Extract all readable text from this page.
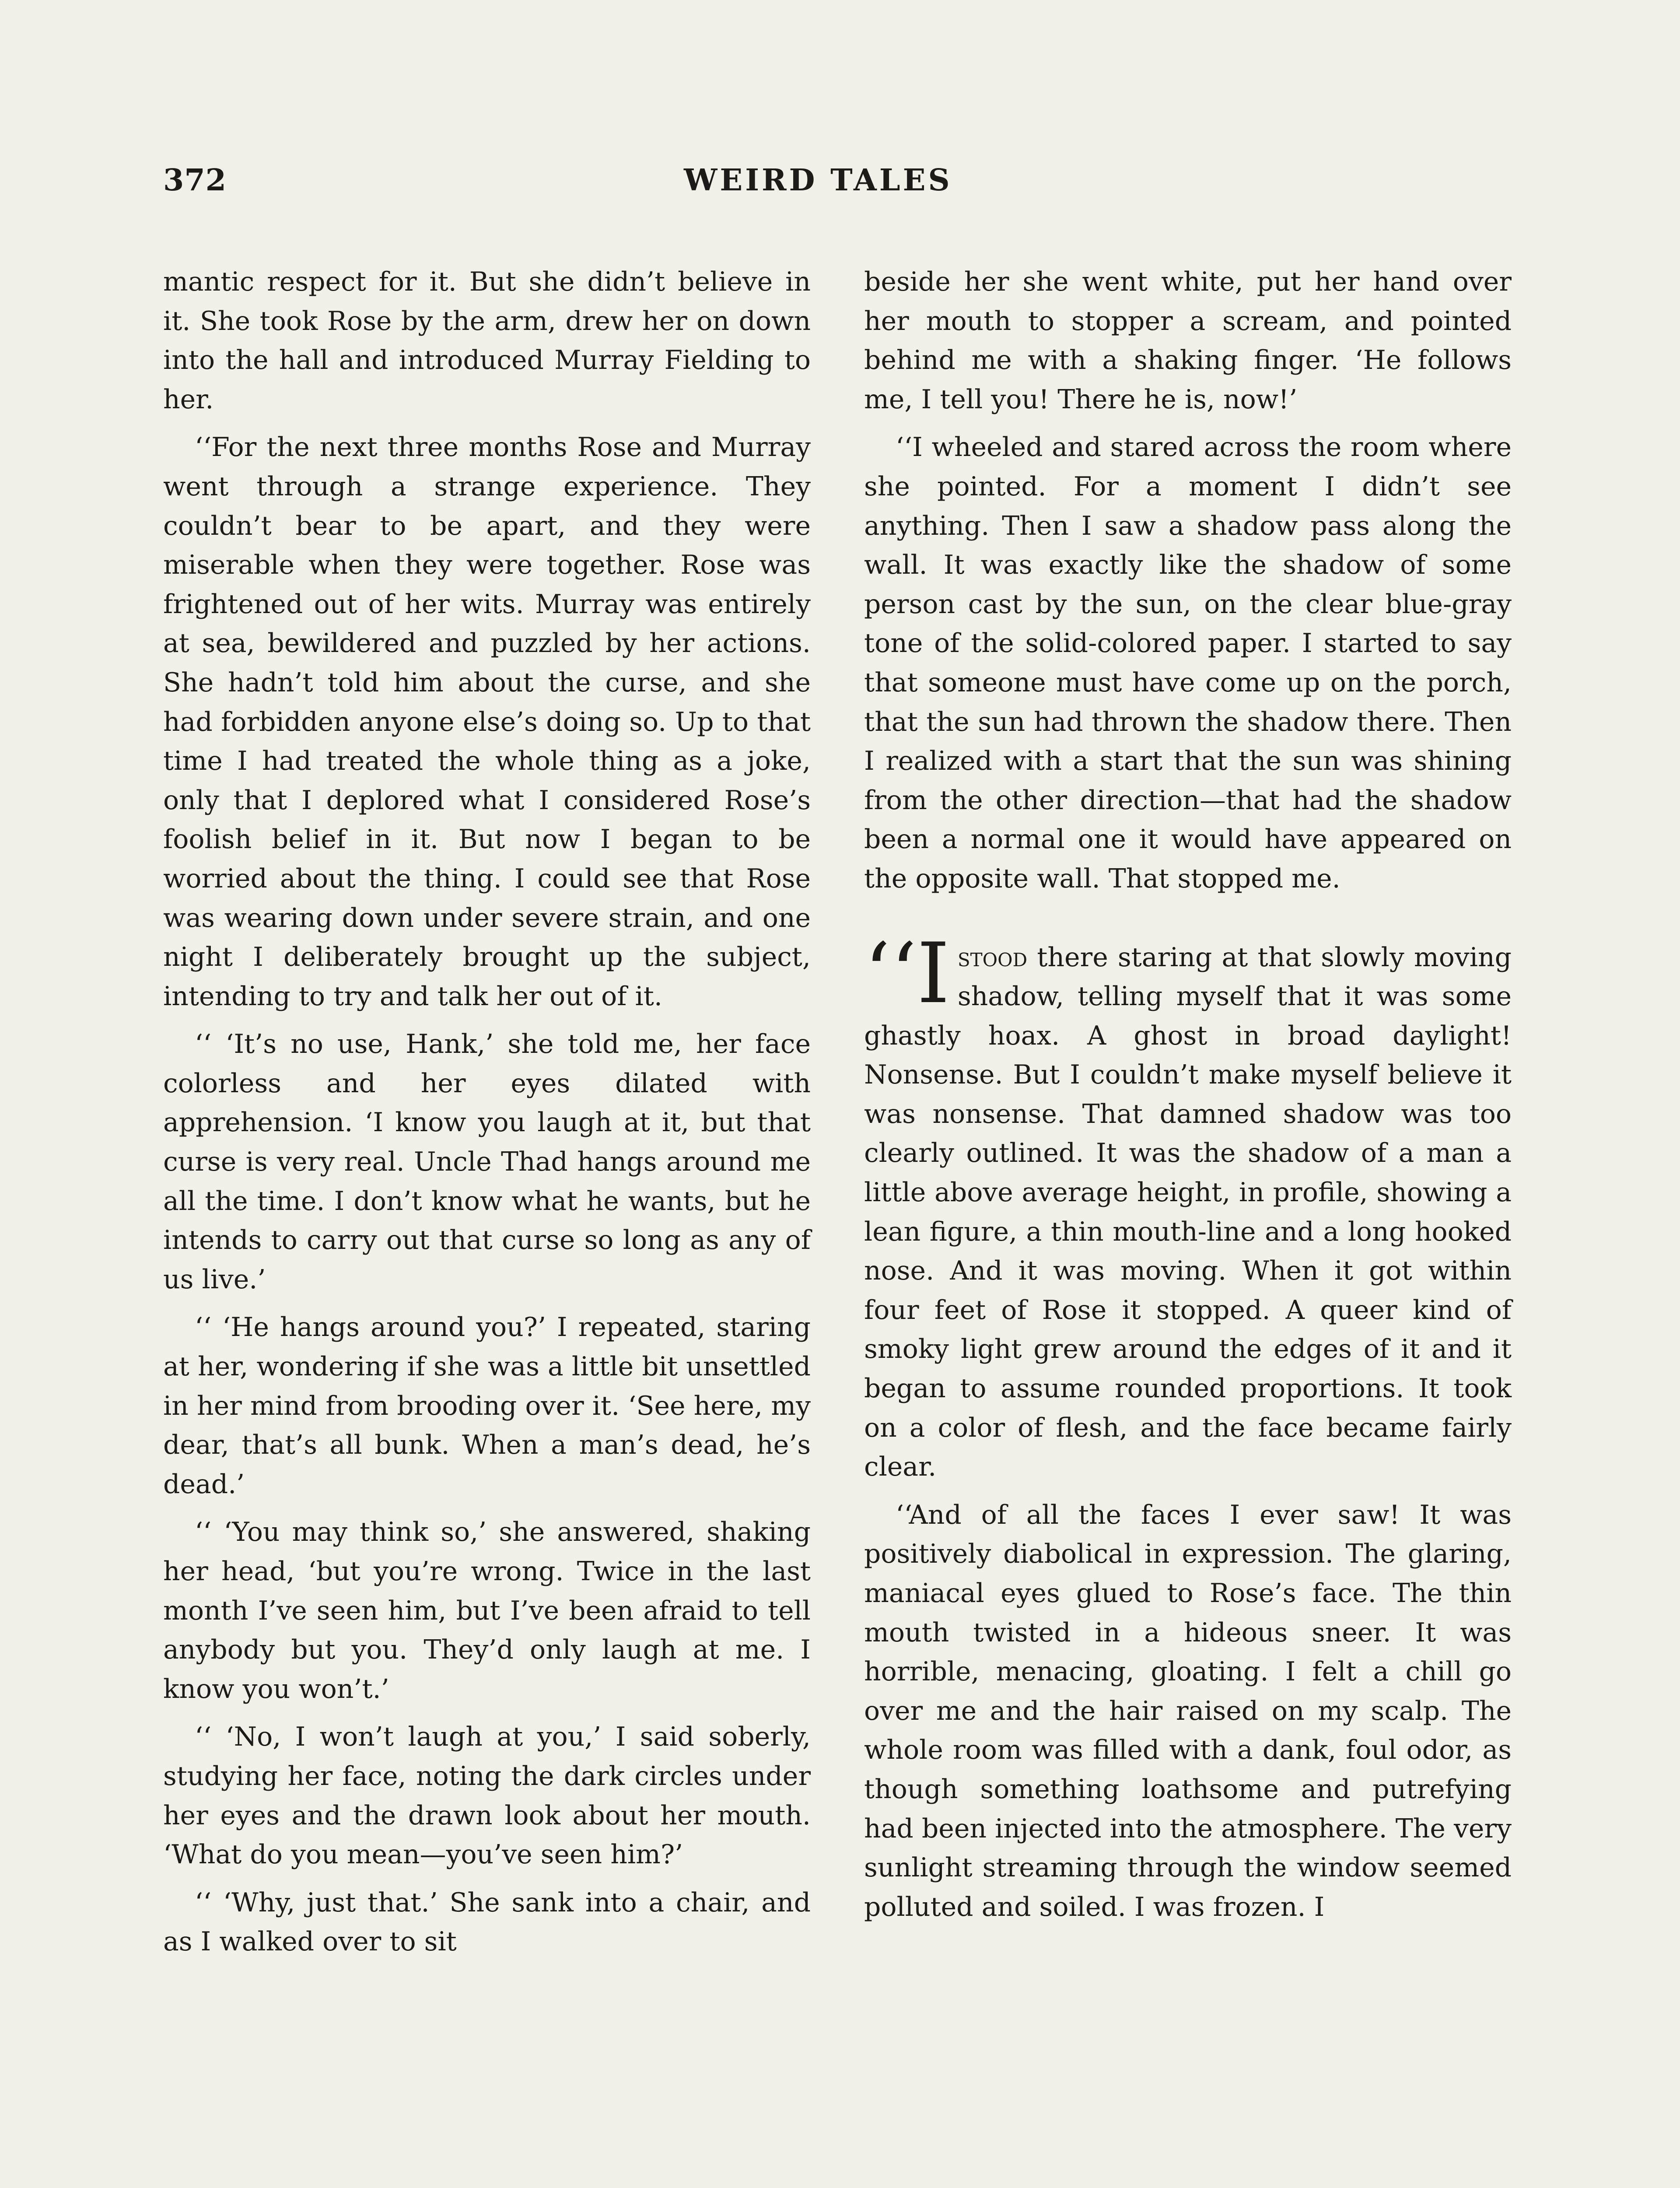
372	WEIRD TALES

mantic respect for it. But she didn’t believe in it. She took Rose by the arm, drew her on down into the hall and introduced Murray Fielding to her.

‘‘For the next three months Rose and Murray went through a strange experience. They couldn’t bear to be apart, and they were miserable when they were together. Rose was frightened out of her wits. Murray was entirely at sea, bewildered and puzzled by her actions. She hadn’t told him about the curse, and she had forbidden anyone else’s doing so. Up to that time I had treated the whole thing as a joke, only that I deplored what I considered Rose’s foolish belief in it. But now I began to be worried about the thing. I could see that Rose was wearing down under severe strain, and one night I deliberately brought up the subject, intending to try and talk her out of it.

‘‘ ‘It’s no use, Hank,’ she told me, her face colorless and her eyes dilated with apprehension. ‘I know you laugh at it, but that curse is very real. Uncle Thad hangs around me all the time. I don’t know what he wants, but he intends to carry out that curse so long as any of us live.’

‘‘ ‘He hangs around you?’ I repeated, staring at her, wondering if she was a little bit unsettled in her mind from brooding over it. ‘See here, my dear, that’s all bunk. When a man’s dead, he’s dead.’

‘‘ ‘You may think so,’ she answered, shaking her head, ‘but you’re wrong. Twice in the last month I’ve seen him, but I’ve been afraid to tell anybody but you. They’d only laugh at me. I know you won’t.’

‘‘ ‘No, I won’t laugh at you,’ I said soberly, studying her face, noting the dark circles under her eyes and the drawn look about her mouth. ‘What do you mean—you’ve seen him?’

‘‘ ‘Why, just that.’ She sank into a chair, and as I walked over to sit

beside her she went white, put her hand over her mouth to stopper a scream, and pointed behind me with a shaking finger. ‘He follows me, I tell you! There he is, now!’

‘‘I wheeled and stared across the room where she pointed. For a moment I didn’t see anything. Then I saw a shadow pass along the wall. It was exactly like the shadow of some person cast by the sun, on the clear blue-gray tone of the solid-colored paper. I started to say that someone must have come up on the porch, that the sun had thrown the shadow there. Then I realized with a start that the sun was shining from the other direction—that had the shadow been a normal one it would have appeared on the opposite wall. That stopped me.

‘‘I stood there staring at that slowly moving shadow, telling myself that it was some ghastly hoax. A ghost in broad daylight! Nonsense. But I couldn’t make myself believe it was nonsense. That damned shadow was too clearly outlined. It was the shadow of a man a little above average height, in profile, showing a lean figure, a thin mouth-line and a long hooked nose. And it was moving. When it got within four feet of Rose it stopped. A queer kind of smoky light grew around the edges of it and it began to assume rounded proportions. It took on a color of flesh, and the face became fairly clear.

‘‘And of all the faces I ever saw! It was positively diabolical in expression. The glaring, maniacal eyes glued to Rose’s face. The thin mouth twisted in a hideous sneer. It was horrible, menacing, gloating. I felt a chill go over me and the hair raised on my scalp. The whole room was filled with a dank, foul odor, as though something loathsome and putrefying had been injected into the atmosphere. The very sunlight streaming through the window seemed polluted and soiled. I was frozen. I
